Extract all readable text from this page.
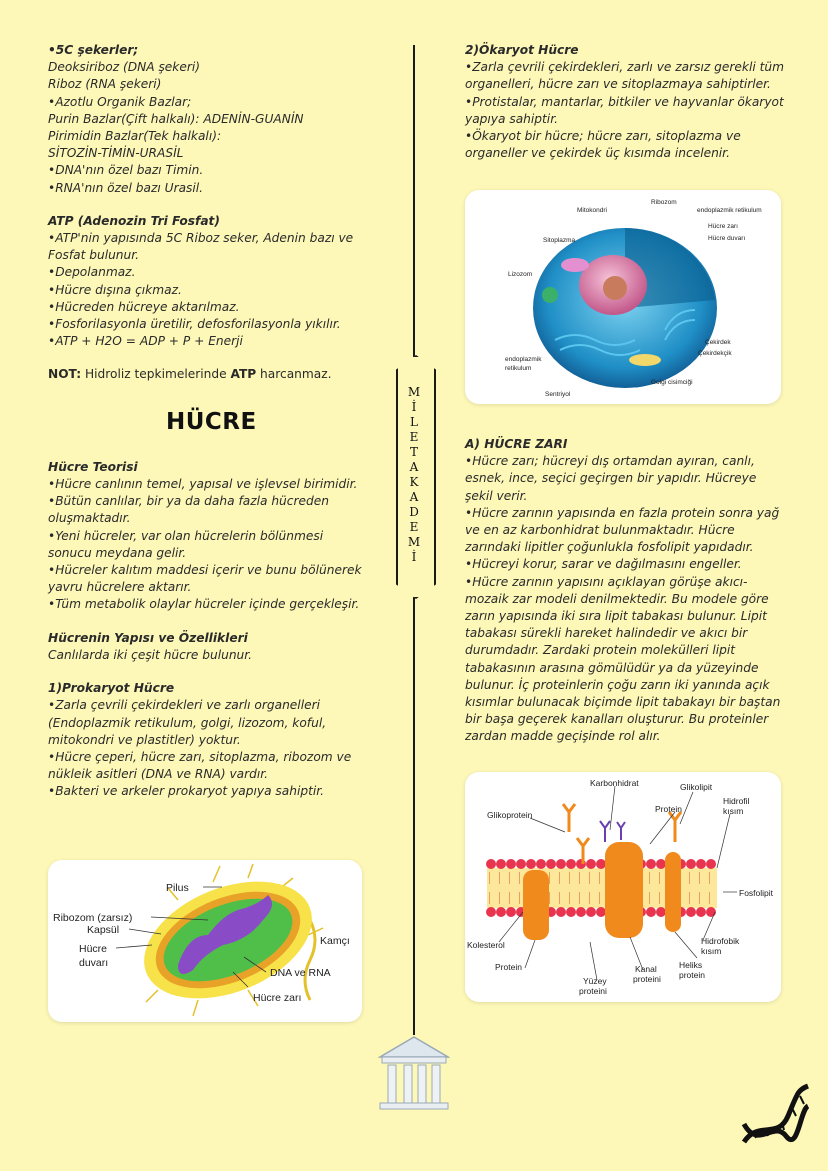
•5C şekerler;

Deoksiriboz (DNA şekeri)

Riboz (RNA şekeri)

•Azotlu Organik Bazlar;

Purin Bazlar(Çift halkalı): ADENİN-GUANİN

Pirimidin Bazlar(Tek halkalı):

SİTOZİN-TİMİN-URASİL

•DNA'nın özel bazı Timin.

•RNA'nın özel bazı Urasil.

ATP (Adenozin Tri Fosfat)

•ATP'nin yapısında 5C Riboz seker, Adenin bazı ve Fosfat bulunur.

•Depolanmaz.

•Hücre dışına çıkmaz.

•Hücreden hücreye aktarılmaz.

•Fosforilasyonla üretilir, defosforilasyonla yıkılır.

•ATP + H2O = ADP + P + Enerji

NOT: Hidroliz tepkimelerinde ATP harcanmaz.

HÜCRE

Hücre Teorisi

•Hücre canlının temel, yapısal ve işlevsel birimidir.

•Bütün canlılar, bir ya da daha fazla hücreden oluşmaktadır.

•Yeni hücreler, var olan hücrelerin bölünmesi sonucu meydana gelir.

•Hücreler kalıtım maddesi içerir ve bunu bölünerek yavru hücrelere aktarır.

•Tüm metabolik olaylar hücreler içinde gerçekleşir.

Hücrenin Yapısı ve Özellikleri

Canlılarda iki çeşit hücre bulunur.

1)Prokaryot Hücre

•Zarla çevrili çekirdekleri ve zarlı organelleri (Endoplazmik retikulum, golgi, lizozom, koful, mitokondri ve plastitler) yoktur.

•Hücre çeperi, hücre zarı, sitoplazma, ribozom ve nükleik asitleri (DNA ve RNA) vardır.

•Bakteri ve arkeler prokaryot yapıya sahiptir.

2)Ökaryot Hücre

•Zarla çevrili çekirdekleri, zarlı ve zarsız gerekli tüm organelleri, hücre zarı ve sitoplazmaya sahiptirler.

•Protistalar, mantarlar, bitkiler ve hayvanlar ökaryot yapıya sahiptir.

•Ökaryot bir hücre; hücre zarı, sitoplazma ve organeller ve çekirdek üç kısımda incelenir.

A) HÜCRE ZARI

•Hücre zarı; hücreyi dış ortamdan ayıran, canlı, esnek, ince, seçici geçirgen bir yapıdır. Hücreye şekil verir.

•Hücre zarının yapısında en fazla protein sonra yağ ve en az karbonhidrat bulunmaktadır. Hücre zarındaki lipitler çoğunlukla fosfolipit yapıdadır.

•Hücreyi korur, sarar ve dağılmasını engeller.

•Hücre zarının yapısını açıklayan görüşe akıcı-mozaik zar modeli denilmektedir. Bu modele göre zarın yapısında iki sıra lipit tabakası bulunur. Lipit tabakası sürekli hareket halindedir ve akıcı bir durumdadır. Zardaki protein molekülleri lipit tabakasının arasına gömülüdür ya da yüzeyinde bulunur. İç proteinlerin çoğu zarın iki yanında açık kısımlar bulunacak biçimde lipit tabakayı bir baştan bir başa geçerek kanalları oluşturur. Bu proteinler zardan madde geçişinde rol alır.

M
İ
L
E
T
A
K
A
D
E
M
İ
Ribozom
Mitokondri	endoplazmik retikulum
Hücre zarı
Hücre duvarı
Sitoplazma
Lizozom
Çekirdek
Çekirdekçik
endoplazmik
retikulum
Golgi cisimciği
Sentriyol
Pilus
Ribozom (zarsız)
Kapsül
Hücre
duvarı
Kamçı
DNA ve RNA
Hücre zarı
Karbonhidrat	Glikolipit
Glikoprotein
Protein
Hidrofil
kısım
Fosfolipit
Kolesterol
Protein
Yüzey
proteini
Kanal
proteini
Heliks
protein
Hidrofobik
kısım
